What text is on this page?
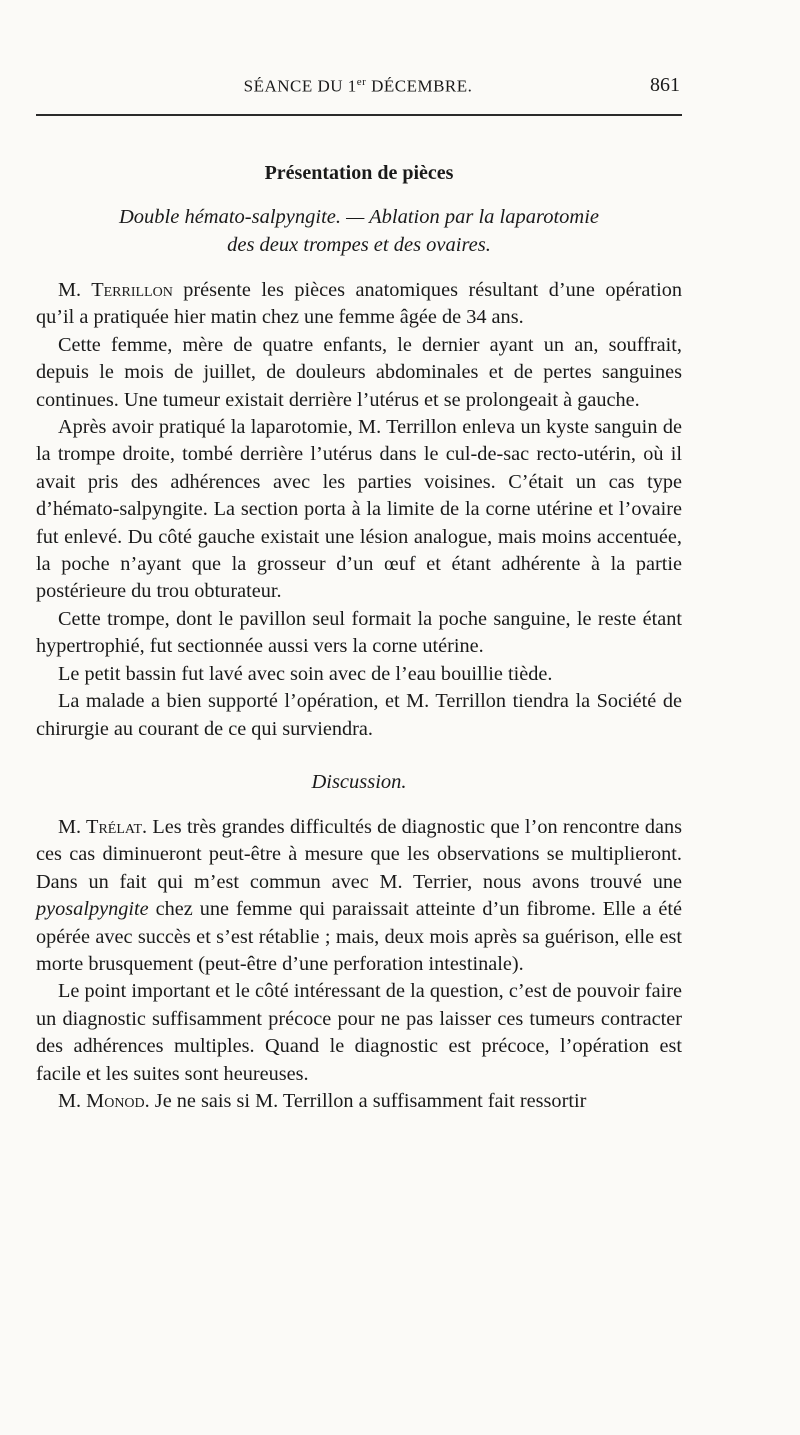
SÉANCE DU 1er DÉCEMBRE.	861
Présentation de pièces
Double hémato-salpyngite. — Ablation par la laparotomie
des deux trompes et des ovaires.

M. Terrillon présente les pièces anatomiques résultant d’une opération qu’il a pratiquée hier matin chez une femme âgée de 34 ans.

Cette femme, mère de quatre enfants, le dernier ayant un an, souffrait, depuis le mois de juillet, de douleurs abdominales et de pertes sanguines continues. Une tumeur existait derrière l’utérus et se prolongeait à gauche.

Après avoir pratiqué la laparotomie, M. Terrillon enleva un kyste sanguin de la trompe droite, tombé derrière l’utérus dans le cul-de-sac recto-utérin, où il avait pris des adhérences avec les parties voisines. C’était un cas type d’hémato-salpyngite. La section porta à la limite de la corne utérine et l’ovaire fut enlevé. Du côté gauche existait une lésion analogue, mais moins accentuée, la poche n’ayant que la grosseur d’un œuf et étant adhérente à la partie postérieure du trou obturateur.

Cette trompe, dont le pavillon seul formait la poche sanguine, le reste étant hypertrophié, fut sectionnée aussi vers la corne utérine.

Le petit bassin fut lavé avec soin avec de l’eau bouillie tiède.

La malade a bien supporté l’opération, et M. Terrillon tiendra la Société de chirurgie au courant de ce qui surviendra.

Discussion.

M. Trélat. Les très grandes difficultés de diagnostic que l’on rencontre dans ces cas diminueront peut-être à mesure que les observations se multiplieront. Dans un fait qui m’est commun avec M. Terrier, nous avons trouvé une pyosalpyngite chez une femme qui paraissait atteinte d’un fibrome. Elle a été opérée avec succès et s’est rétablie ; mais, deux mois après sa guérison, elle est morte brusquement (peut-être d’une perforation intestinale).

Le point important et le côté intéressant de la question, c’est de pouvoir faire un diagnostic suffisamment précoce pour ne pas laisser ces tumeurs contracter des adhérences multiples. Quand le diagnostic est précoce, l’opération est facile et les suites sont heureuses.

M. Monod. Je ne sais si M. Terrillon a suffisamment fait ressortir
